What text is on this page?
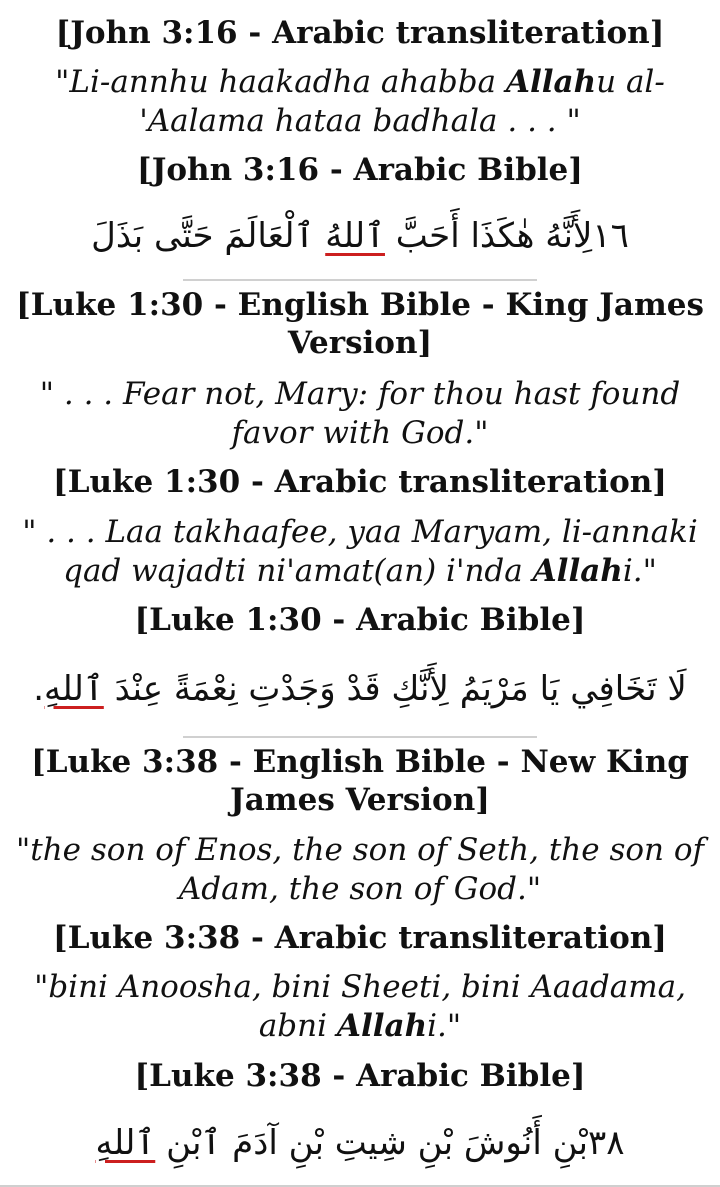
[John 3:16 - Arabic transliteration]

"Li-annhu haakadha ahabba Allahu al-'Aalama hataa badhala . . . "

[John 3:16 - Arabic Bible]

١٦لِأَنَّهُ هٰكَذَا أَحَبَّ ٱللهُ ٱلْعَالَمَ حَتَّى بَذَلَ

[Luke 1:30 - English Bible - King James Version]

" . . . Fear not, Mary: for thou hast found favor with God."

[Luke 1:30 - Arabic transliteration]

" . . . Laa takhaafee, yaa Maryam, li-annaki qad wajadti ni'amat(an) i'nda Allahi."

[Luke 1:30 - Arabic Bible]

لَا تَخَافِي يَا مَرْيَمُ لِأَنَّكِ قَدْ وَجَدْتِ نِعْمَةً عِنْدَ ٱللهِ.

[Luke 3:38 - English Bible - New King James Version]

"the son of Enos, the son of Seth, the son of Adam, the son of God."

[Luke 3:38 - Arabic transliteration]

"bini Anoosha, bini Sheeti, bini Aaadama, abni Allahi."

[Luke 3:38 - Arabic Bible]

٣٨بْنِ أَنُوشَ بْنِ شِيتِ بْنِ آدَمَ ٱبْنِ ٱللهِ
